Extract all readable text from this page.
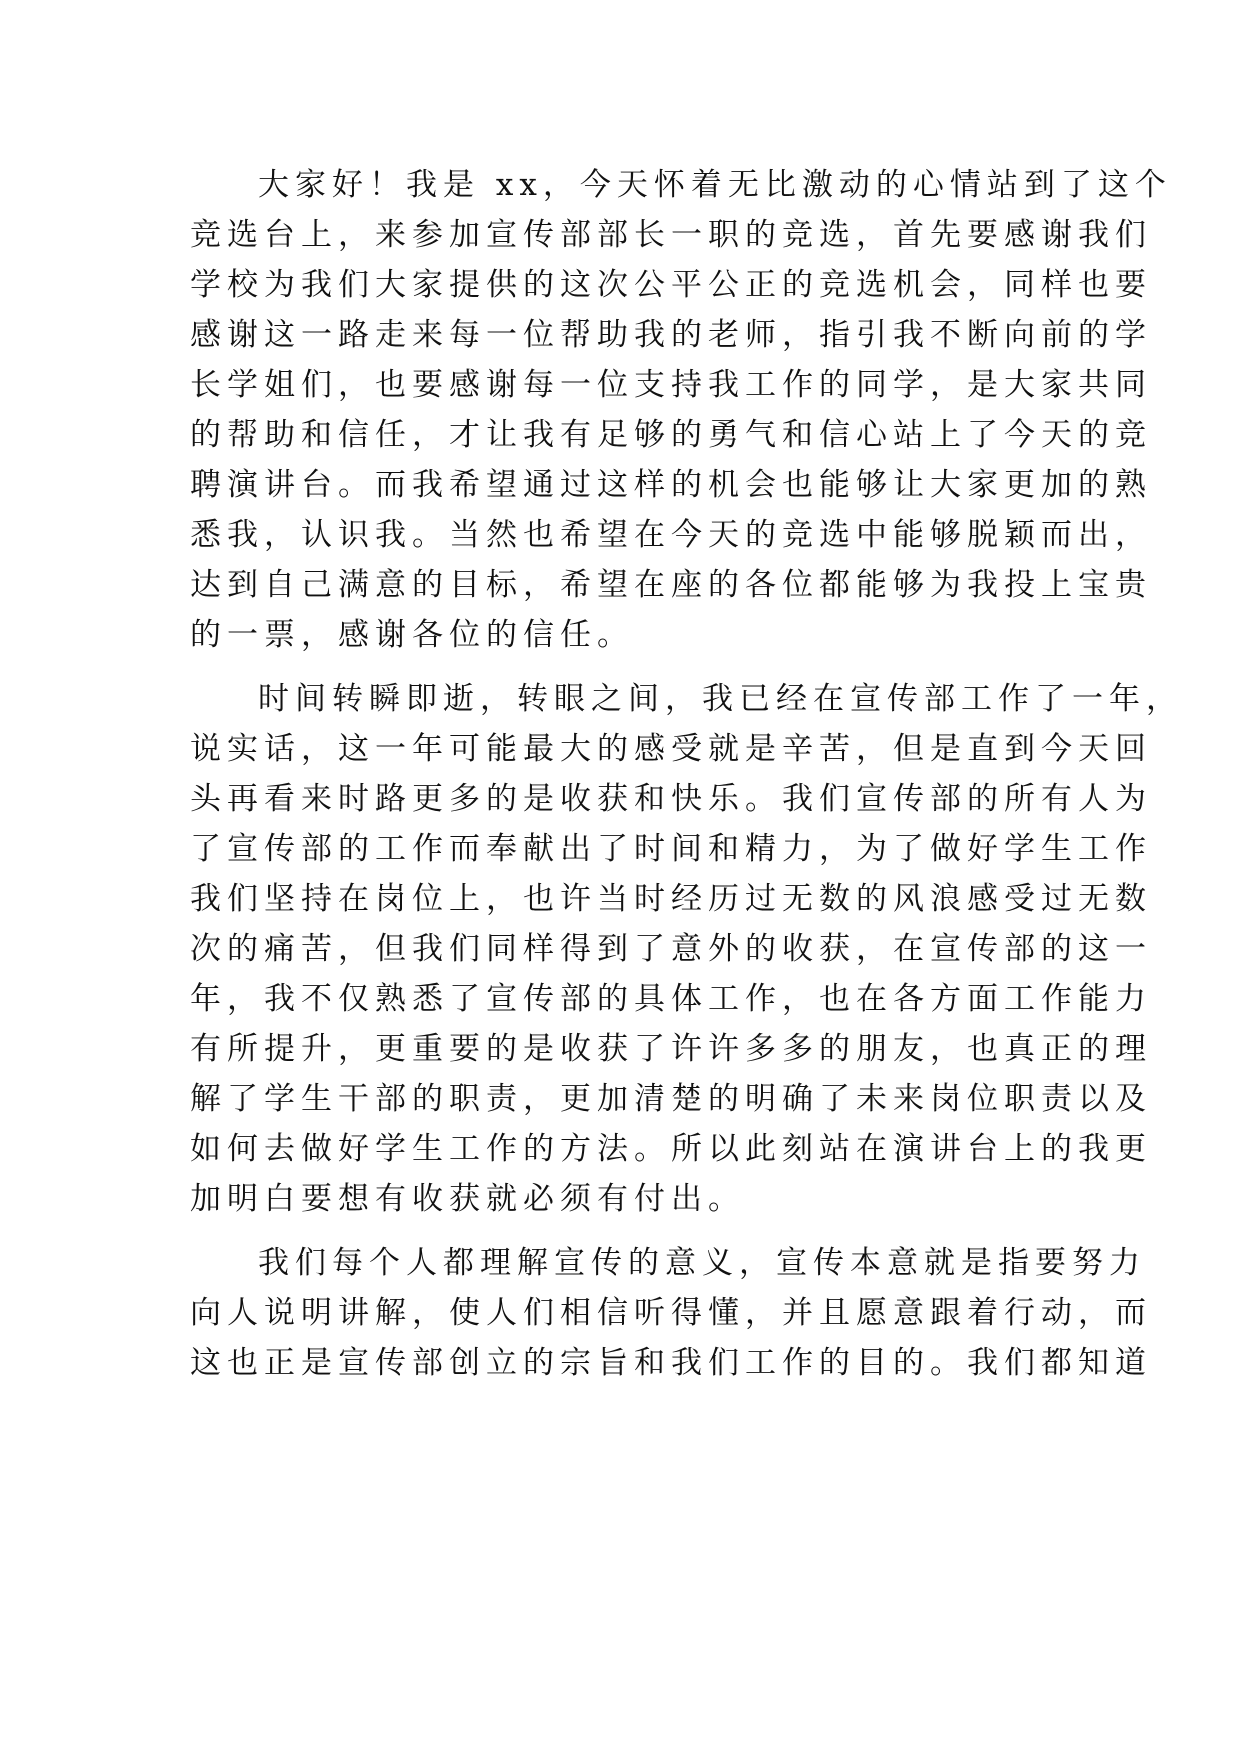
大家好！我是 xx，今天怀着无比激动的心情站到了这个
竞选台上，来参加宣传部部长一职的竞选，首先要感谢我们
学校为我们大家提供的这次公平公正的竞选机会，同样也要
感谢这一路走来每一位帮助我的老师，指引我不断向前的学
长学姐们，也要感谢每一位支持我工作的同学，是大家共同
的帮助和信任，才让我有足够的勇气和信心站上了今天的竞
聘演讲台。而我希望通过这样的机会也能够让大家更加的熟
悉我，认识我。当然也希望在今天的竞选中能够脱颖而出，
达到自己满意的目标，希望在座的各位都能够为我投上宝贵
的一票，感谢各位的信任。
时间转瞬即逝，转眼之间，我已经在宣传部工作了一年，
说实话，这一年可能最大的感受就是辛苦，但是直到今天回
头再看来时路更多的是收获和快乐。我们宣传部的所有人为
了宣传部的工作而奉献出了时间和精力，为了做好学生工作
我们坚持在岗位上，也许当时经历过无数的风浪感受过无数
次的痛苦，但我们同样得到了意外的收获，在宣传部的这一
年，我不仅熟悉了宣传部的具体工作，也在各方面工作能力
有所提升，更重要的是收获了许许多多的朋友，也真正的理
解了学生干部的职责，更加清楚的明确了未来岗位职责以及
如何去做好学生工作的方法。所以此刻站在演讲台上的我更
加明白要想有收获就必须有付出。
我们每个人都理解宣传的意义，宣传本意就是指要努力
向人说明讲解，使人们相信听得懂，并且愿意跟着行动，而
这也正是宣传部创立的宗旨和我们工作的目的。我们都知道
